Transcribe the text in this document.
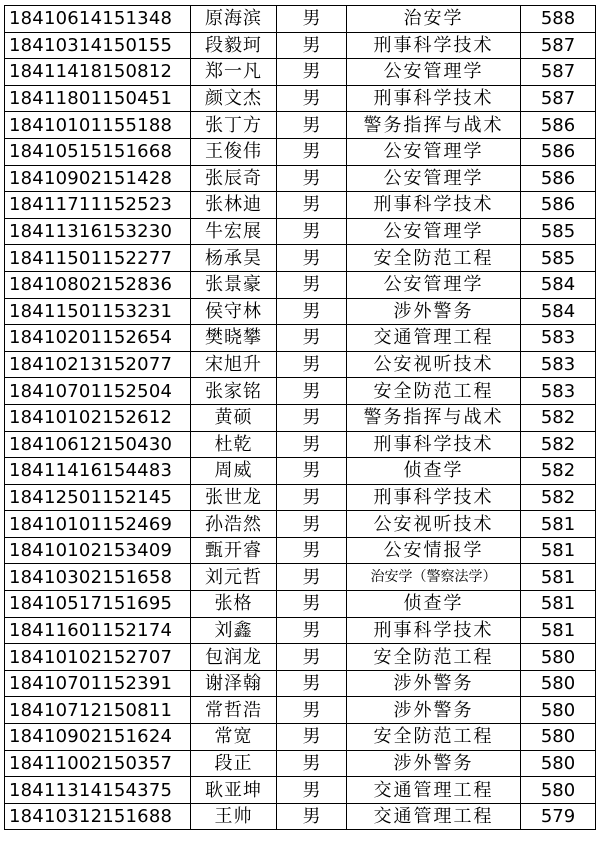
18410614151348	原海滨	男	治安学	588
18410314150155	段毅珂	男	刑事科学技术	587
18411418150812	郑一凡	男	公安管理学	587
18411801150451	颜文杰	男	刑事科学技术	587
18410101155188	张丁方	男	警务指挥与战术	586
18410515151668	王俊伟	男	公安管理学	586
18410902151428	张辰奇	男	公安管理学	586
18411711152523	张林迪	男	刑事科学技术	586
18411316153230	牛宏展	男	公安管理学	585
18411501152277	杨承昊	男	安全防范工程	585
18410802152836	张景豪	男	公安管理学	584
18411501153231	侯守林	男	涉外警务	584
18410201152654	樊晓攀	男	交通管理工程	583
18410213152077	宋旭升	男	公安视听技术	583
18410701152504	张家铭	男	安全防范工程	583
18410102152612	黄硕	男	警务指挥与战术	582
18410612150430	杜乾	男	刑事科学技术	582
18411416154483	周威	男	侦查学	582
18412501152145	张世龙	男	刑事科学技术	582
18410101152469	孙浩然	男	公安视听技术	581
18410102153409	甄开睿	男	公安情报学	581
18410302151658	刘元哲	男	治安学（警察法学）	581
18410517151695	张格	男	侦查学	581
18411601152174	刘鑫	男	刑事科学技术	581
18410102152707	包润龙	男	安全防范工程	580
18410701152391	谢泽翰	男	涉外警务	580
18410712150811	常哲浩	男	涉外警务	580
18410902151624	常宽	男	安全防范工程	580
18411002150357	段正	男	涉外警务	580
18411314154375	耿亚坤	男	交通管理工程	580
18410312151688	王帅	男	交通管理工程	579
